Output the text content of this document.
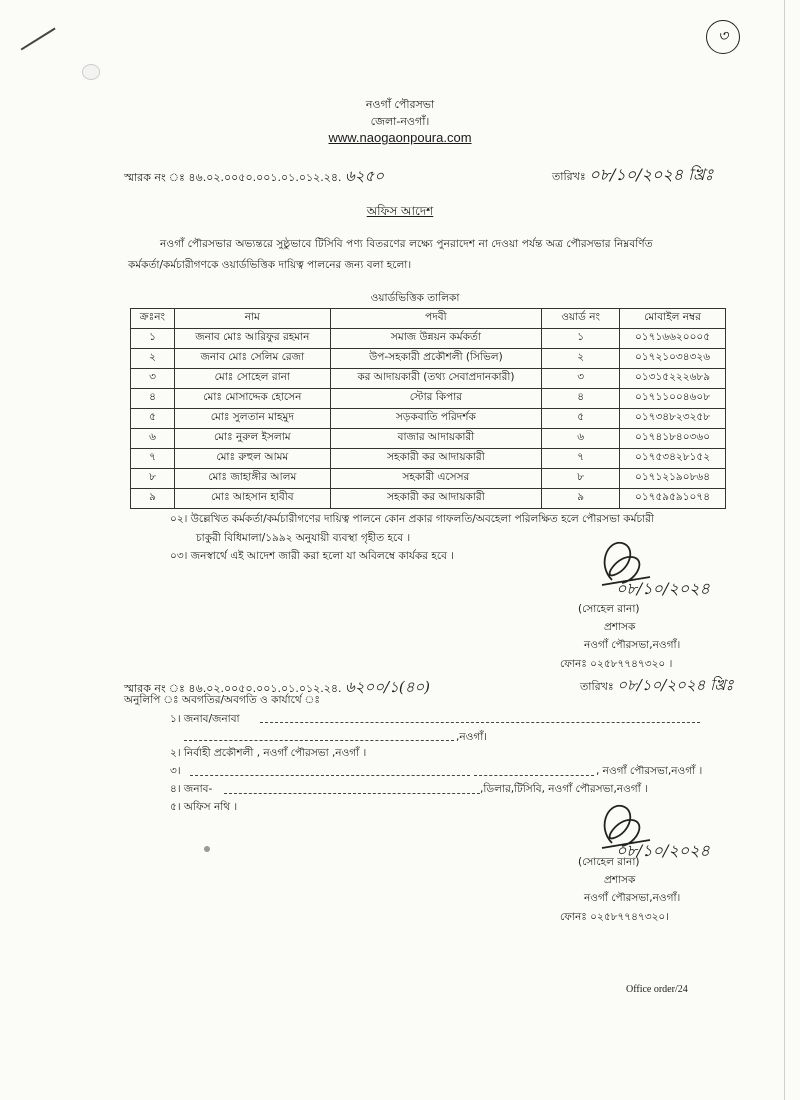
৩
নওগাঁ পৌরসভা
জেলা-নওগাঁ।
www.naogaonpoura.com
স্মারক নং ঃ ৪৬.০২.০০৫০.০০১.০১.০১২.২৪. ৬২৫০	তারিখঃ ০৮/১০/২০২৪ খ্রিঃ
অফিস আদেশ
নওগাঁ পৌরসভার অভ্যন্তরে সুষ্ঠুভাবে টিসিবি পণ্য বিতরণের লক্ষ্যে পুনরাদেশ না দেওয়া পর্যন্ত অত্র পৌরসভার নিম্নবর্ণিত
কর্মকর্তা/কর্মচারীগণকে ওয়ার্ডভিত্তিক দায়িত্ব পালনের জন্য বলা হলো।
ওয়ার্ডভিত্তিক তালিকা
ক্রঃনং	নাম	পদবী	ওয়ার্ড নং	মোবাইল নম্বর
১	জনাব মোঃ আরিফুর রহমান	সমাজ উন্নয়ন কর্মকর্তা	১	০১৭১৬৬২০০০৫
২	জনাব মোঃ সেলিম রেজা	উপ-সহকারী প্রকৌশলী (সিভিল)	২	০১৭২১০৩৪৩২৬
৩	মোঃ সোহেল রানা	কর আদায়কারী (তথ্য সেবাপ্রদানকারী)	৩	০১৩১৫২২২৬৮৯
৪	মোঃ মোসাদ্দেক হোসেন	স্টোর কিপার	৪	০১৭১১০০৪৬০৮
৫	মোঃ সুলতান মাহমুদ	সড়কবাতি পরিদর্শক	৫	০১৭৩৪৮২৩২৫৮
৬	মোঃ নুরুল ইসলাম	বাজার আদায়কারী	৬	০১৭৪১৮৪০৩৬০
৭	মোঃ রুহুল আমম	সহকারী কর আদায়কারী	৭	০১৭৫৩৪২৮১৫২
৮	মোঃ জাহাঙ্গীর আলম	সহকারী এসেসর	৮	০১৭১২১৯০৮৬৪
৯	মোঃ আহসান হাবীব	সহকারী কর আদায়কারী	৯	০১৭৫৯৫৯১০৭৪
০২। উল্লেখিত কর্মকর্তা/কর্মচারীগণের দায়িত্ব পালনে কোন প্রকার গাফলতি/অবহেলা পরিলক্ষিত হলে পৌরসভা কর্মচারী
চাকুরী বিধিমালা/১৯৯২ অনুযায়ী ব্যবস্থা গৃহীত হবে ।
০৩। জনস্বার্থে এই আদেশ জারী করা হলো যা অবিলম্বে কার্যকর হবে ।
০৮/১০/২০২৪
(সোহেল রানা)
প্রশাসক
নওগাঁ পৌরসভা,নওগাঁ।
ফোনঃ ০২৫৮৭৭৪৭৩২০ ।
স্মারক নং ঃ ৪৬.০২.০০৫০.০০১.০১.০১২.২৪. ৬২০০/১(৪০)	তারিখঃ ০৮/১০/২০২৪ খ্রিঃ
অনুলিপি ঃ অবগতির/অবগতি ও কার্যার্থে ঃ
১। জনাব/জনাবা
,নওগাঁ।
২। নির্বাহী প্রকৌশলী , নওগাঁ পৌরসভা ,নওগাঁ ।
৩।	, নওগাঁ পৌরসভা,নওগাঁ ।
৪। জনাব-	,ডিলার,টিসিবি, নওগাঁ পৌরসভা,নওগাঁ ।
৫। অফিস নথি ।
০৮/১০/২০২৪
(সোহেল রানা)
প্রশাসক
নওগাঁ পৌরসভা,নওগাঁ।
ফোনঃ ০২৫৮৭৭৪৭৩২০।
Office order/24
